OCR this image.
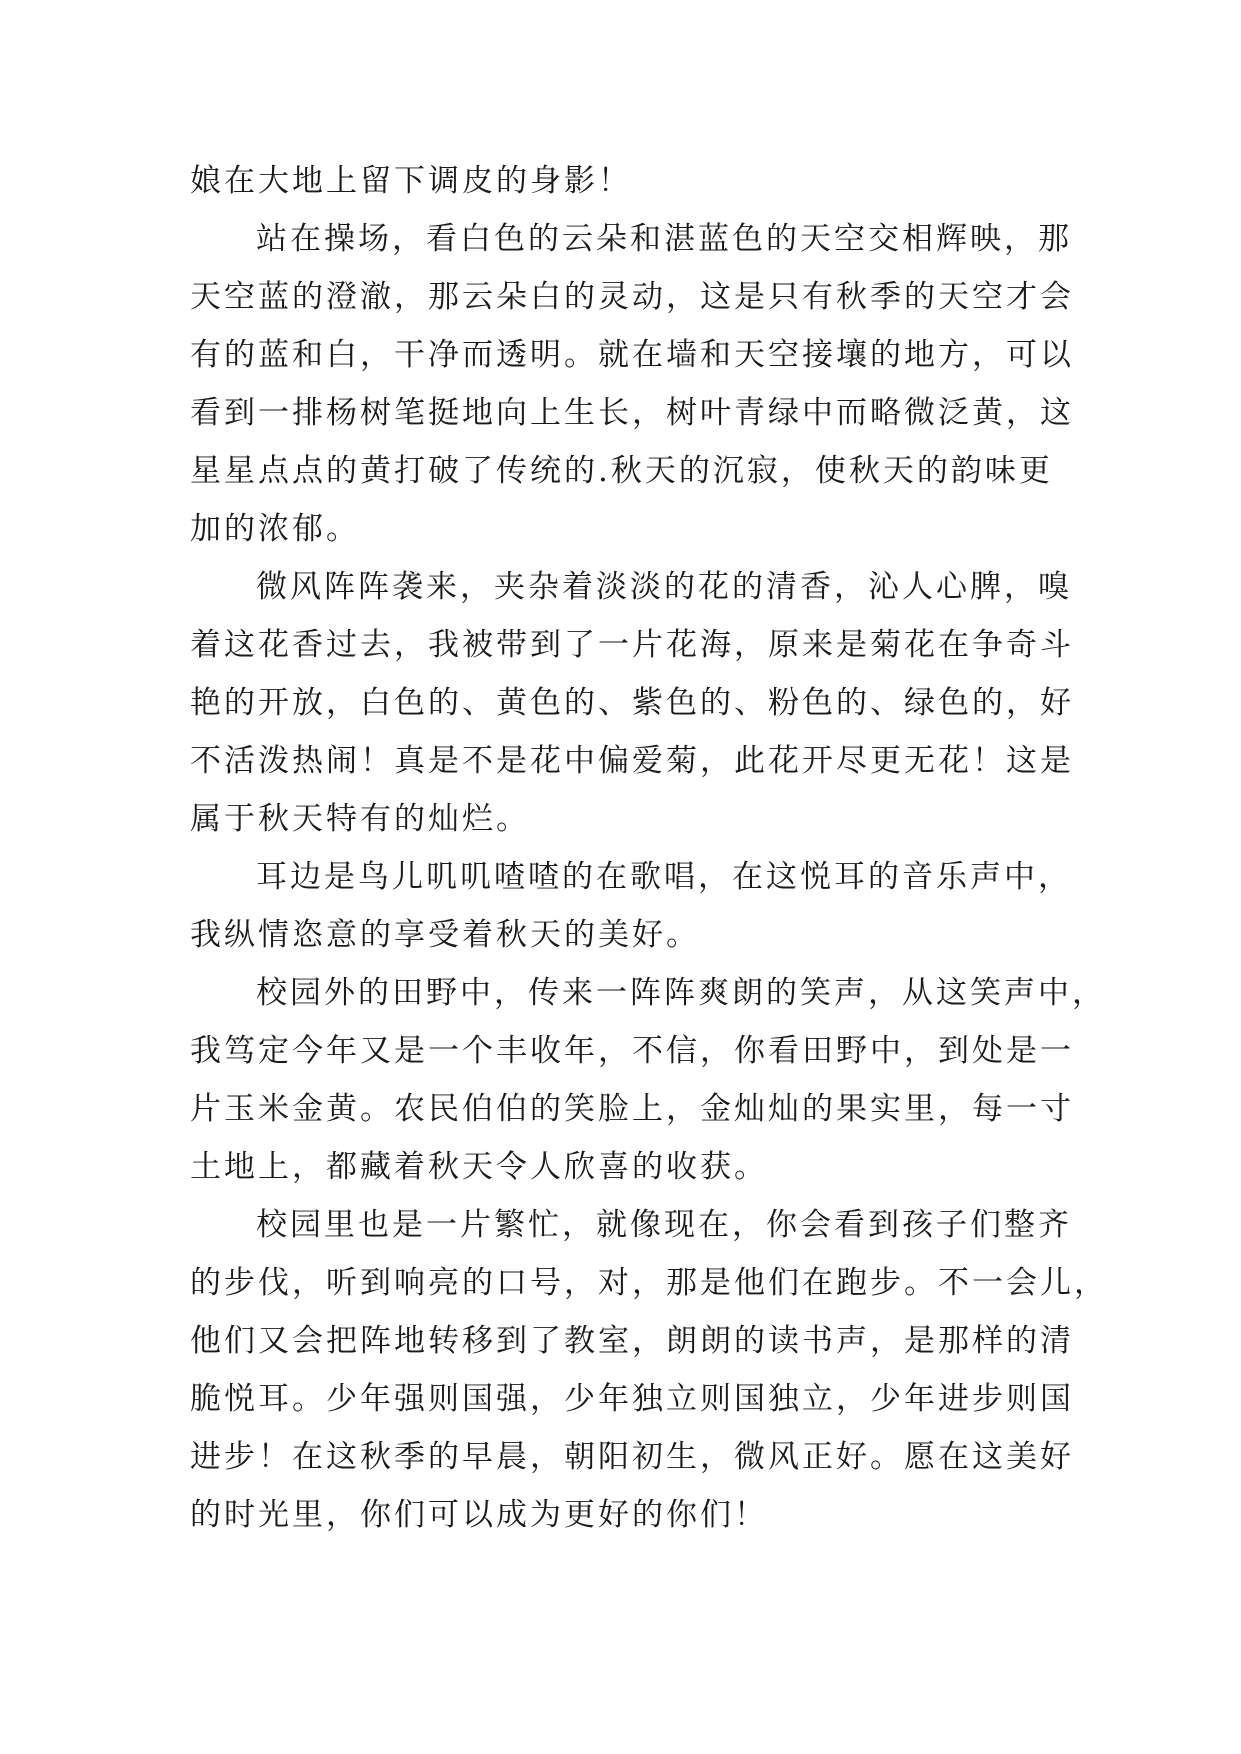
娘在大地上留下调皮的身影！
站在操场，看白色的云朵和湛蓝色的天空交相辉映，那
天空蓝的澄澈，那云朵白的灵动，这是只有秋季的天空才会
有的蓝和白，干净而透明。就在墙和天空接壤的地方，可以
看到一排杨树笔挺地向上生长，树叶青绿中而略微泛黄，这
星星点点的黄打破了传统的.秋天的沉寂，使秋天的韵味更
加的浓郁。
微风阵阵袭来，夹杂着淡淡的花的清香，沁人心脾，嗅
着这花香过去，我被带到了一片花海，原来是菊花在争奇斗
艳的开放，白色的、黄色的、紫色的、粉色的、绿色的，好
不活泼热闹！真是不是花中偏爱菊，此花开尽更无花！这是
属于秋天特有的灿烂。
耳边是鸟儿叽叽喳喳的在歌唱，在这悦耳的音乐声中，
我纵情恣意的享受着秋天的美好。
校园外的田野中，传来一阵阵爽朗的笑声，从这笑声中，
我笃定今年又是一个丰收年，不信，你看田野中，到处是一
片玉米金黄。农民伯伯的笑脸上，金灿灿的果实里，每一寸
土地上，都藏着秋天令人欣喜的收获。
校园里也是一片繁忙，就像现在，你会看到孩子们整齐
的步伐，听到响亮的口号，对，那是他们在跑步。不一会儿，
他们又会把阵地转移到了教室，朗朗的读书声，是那样的清
脆悦耳。少年强则国强，少年独立则国独立，少年进步则国
进步！在这秋季的早晨，朝阳初生，微风正好。愿在这美好
的时光里，你们可以成为更好的你们！
